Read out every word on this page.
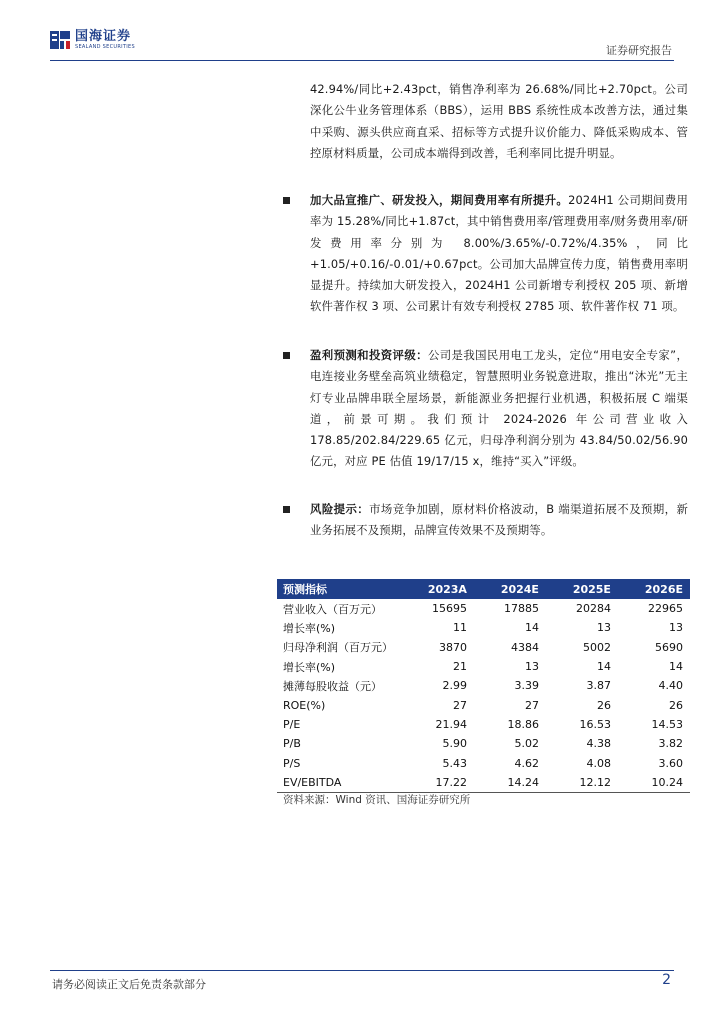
国海证券
SEALAND SECURITIES	证券研究报告
42.94%/同比+2.43pct，销售净利率为 26.68%/同比+2.70pct。公司深化公牛业务管理体系（BBS），运用 BBS 系统性成本改善方法，通过集中采购、源头供应商直采、招标等方式提升议价能力、降低采购成本、管控原材料质量，公司成本端得到改善，毛利率同比提升明显。
加大品宣推广、研发投入，期间费用率有所提升。2024H1 公司期间费用率为 15.28%/同比+1.87ct，其中销售费用率/管理费用率/财务费用率/研发费用率分别为 8.00%/3.65%/-0.72%/4.35%，同比+1.05/+0.16/-0.01/+0.67pct。公司加大品牌宣传力度，销售费用率明显提升。持续加大研发投入，2024H1 公司新增专利授权 205 项、新增软件著作权 3 项、公司累计有效专利授权 2785 项、软件著作权 71 项。
盈利预测和投资评级：公司是我国民用电工龙头，定位“用电安全专家”，电连接业务壁垒高筑业绩稳定，智慧照明业务锐意进取，推出“沐光”无主灯专业品牌串联全屋场景，新能源业务把握行业机遇，积极拓展 C 端渠道，前景可期。我们预计 2024-2026 年公司营业收入 178.85/202.84/229.65 亿元，归母净利润分别为 43.84/50.02/56.90 亿元，对应 PE 估值 19/17/15 x，维持“买入”评级。
风险提示：市场竞争加剧，原材料价格波动，B 端渠道拓展不及预期，新业务拓展不及预期，品牌宣传效果不及预期等。
预测指标	2023A	2024E	2025E	2026E
营业收入（百万元）	15695	17885	20284	22965
增长率(%)	11	14	13	13
归母净利润（百万元）	3870	4384	5002	5690
增长率(%)	21	13	14	14
摊薄每股收益（元）	2.99	3.39	3.87	4.40
ROE(%)	27	27	26	26
P/E	21.94	18.86	16.53	14.53
P/B	5.90	5.02	4.38	3.82
P/S	5.43	4.62	4.08	3.60
EV/EBITDA	17.22	14.24	12.12	10.24
资料来源：Wind 资讯、国海证券研究所
请务必阅读正文后免责条款部分	2
